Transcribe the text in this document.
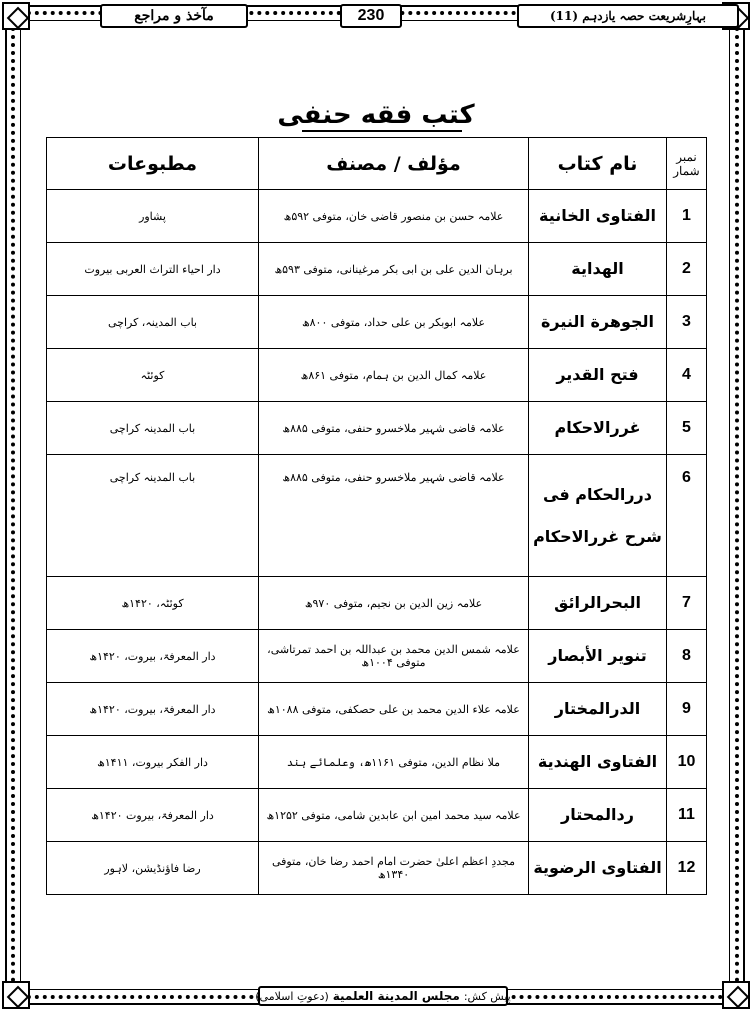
مآخذ و مراجع	230	بہارِشریعت حصہ یازدہم (11)
كتب فقه حنفى
نمبر شمار	نام كتاب	مؤلف / مصنف	مطبوعات
1	الفتاوى الخانية	علامہ حسن بن منصور قاضی خان، متوفی ۵۹۲ھ	پشاور
2	الهداية	برہان الدین علی بن ابی بکر مرغینانی، متوفی ۵۹۳ھ	دار احیاء التراث العربی بیروت
3	الجوهرة النيرة	علامہ ابوبکر بن علی حداد، متوفی ۸۰۰ھ	باب المدینہ، کراچی
4	فتح القدير	علامہ کمال الدین بن ہمام، متوفی ۸۶۱ھ	کوئٹہ
5	غررالاحكام	علامہ قاضی شہیر ملاخسرو حنفی، متوفی ۸۸۵ھ	باب المدینہ کراچی
6	دررالحكام فى شرح غررالاحكام	علامہ قاضی شہیر ملاخسرو حنفی، متوفی ۸۸۵ھ	باب المدینہ کراچی
7	البحرالرائق	علامہ زین الدین بن نجیم، متوفی ۹۷۰ھ	کوئٹہ، ۱۴۲۰ھ
8	تنوير الأبصار	علامہ شمس الدین محمد بن عبداللہ بن احمد تمرتاشی، متوفی ۱۰۰۴ھ	دار المعرفۃ، بیروت، ۱۴۲۰ھ
9	الدرالمختار	علامہ علاء الدین محمد بن علی حصکفی، متوفی ۱۰۸۸ھ	دار المعرفۃ، بیروت، ۱۴۲۰ھ
10	الفتاوى الهندية	ملا نظام الدین، متوفی ۱۱۶۱ھ، وعلمائے ہند	دار الفکر بیروت، ۱۴۱۱ھ
11	ردالمحتار	علامہ سید محمد امین ابن عابدین شامی، متوفی ۱۲۵۲ھ	دار المعرفۃ، بیروت ۱۴۲۰ھ
12	الفتاوى الرضوية	مجددِ اعظم اعلیٰ حضرت امام احمد رضا خان، متوفی ۱۳۴۰ھ	رضا فاؤنڈیشن، لاہور
پیش کش:
مجلس المدينة العلمية
(دعوتِ اسلامی)
